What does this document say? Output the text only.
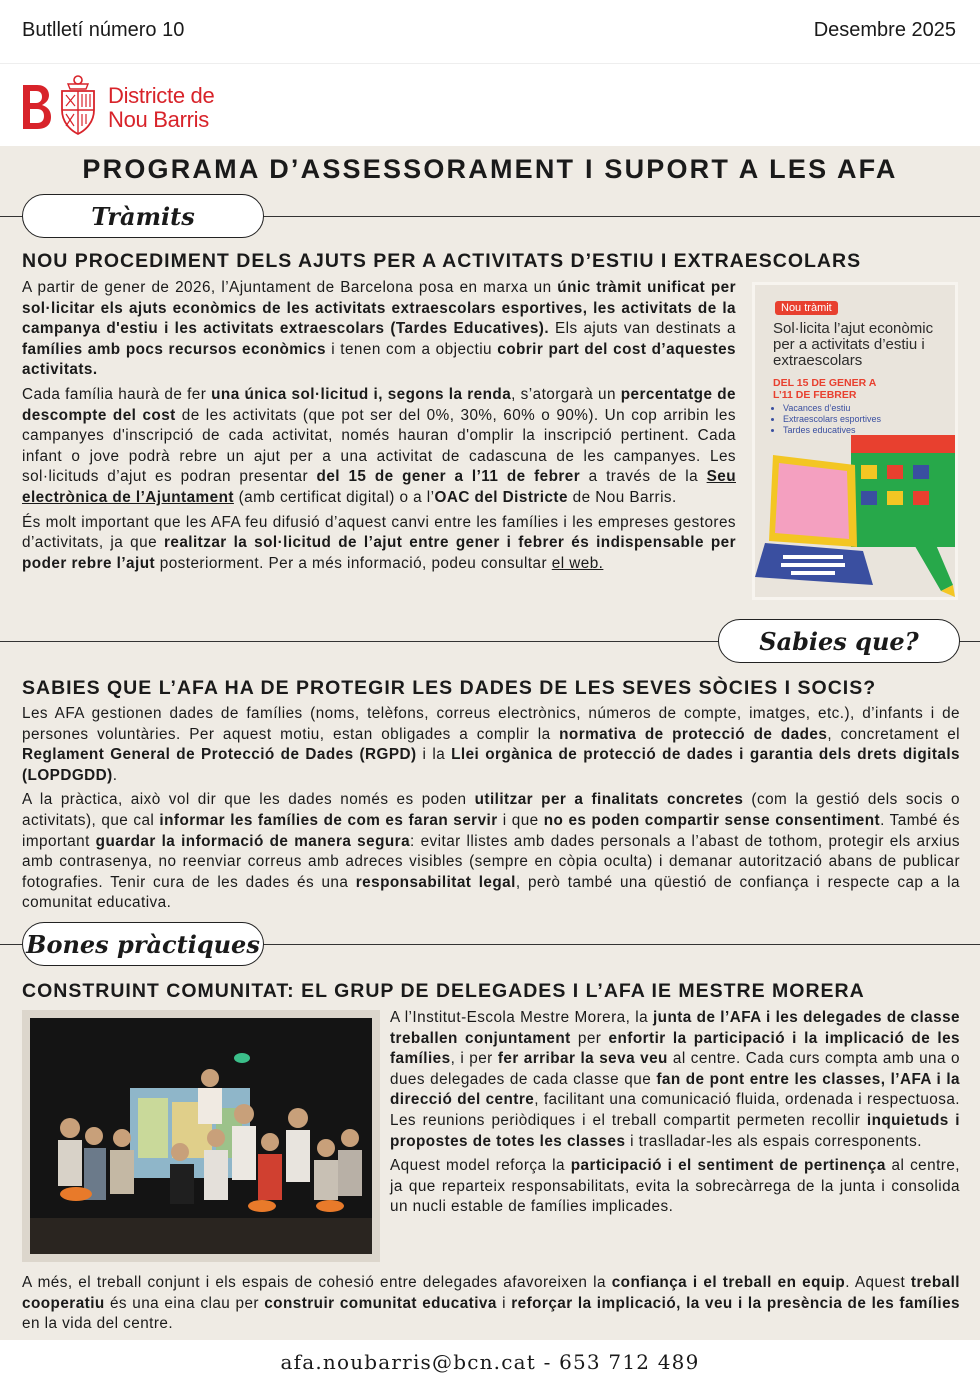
Butlletí número 10	Desembre 2025
Districte de
Nou Barris
PROGRAMA D’ASSESSORAMENT I SUPORT A LES AFA
Tràmits
NOU PROCEDIMENT DELS AJUTS PER A ACTIVITATS D’ESTIU I EXTRAESCOLARS

A partir de gener de 2026, l’Ajuntament de Barcelona posa en marxa un únic tràmit unificat per sol·licitar els ajuts econòmics de les activitats extraescolars esportives, les activitats de la campanya d'estiu i les activitats extraescolars (Tardes Educatives). Els ajuts van destinats a famílies amb pocs recursos econòmics i tenen com a objectiu cobrir part del cost d’aquestes activitats.

Cada família haurà de fer una única sol·licitud i, segons la renda, s’atorgarà un percentatge de descompte del cost de les activitats (que pot ser del 0%, 30%, 60% o 90%). Un cop arribin les campanyes d'inscripció de cada activitat, només hauran d'omplir la inscripció pertinent. Cada infant o jove podrà rebre un ajut per a una activitat de cadascuna de les campanyes. Les sol·licituds d’ajut es podran presentar del 15 de gener a l’11 de febrer a través de la Seu electrònica de l’Ajuntament (amb certificat digital) o a l’OAC del Districte de Nou Barris.

És molt important que les AFA feu difusió d’aquest canvi entre les famílies i les empreses gestores d’activitats, ja que realitzar la sol·licitud de l’ajut entre gener i febrer és indispensable per poder rebre l’ajut posteriorment. Per a més informació, podeu consultar el web.

Nou tràmit
Sol·licita l’ajut econòmic per a activitats d’estiu i extraescolars
DEL 15 DE GENER A
L’11 DE FEBRER
• Vacances d’estiu
• Extraescolars esportives
• Tardes educatives
Sabies que?
SABIES QUE L’AFA HA DE PROTEGIR LES DADES DE LES SEVES SÒCIES I SOCIS?

Les AFA gestionen dades de famílies (noms, telèfons, correus electrònics, números de compte, imatges, etc.), d’infants i de persones voluntàries. Per aquest motiu, estan obligades a complir la normativa de protecció de dades, concretament el Reglament General de Protecció de Dades (RGPD) i la Llei orgànica de protecció de dades i garantia dels drets digitals (LOPDGDD).

A la pràctica, això vol dir que les dades només es poden utilitzar per a finalitats concretes (com la gestió dels socis o activitats), que cal informar les famílies de com es faran servir i que no es poden compartir sense consentiment. També és important guardar la informació de manera segura: evitar llistes amb dades personals a l’abast de tothom, protegir els arxius amb contrasenya, no reenviar correus amb adreces visibles (sempre en còpia oculta) i demanar autorització abans de publicar fotografies. Tenir cura de les dades és una responsabilitat legal, però també una qüestió de confiança i respecte cap a la comunitat educativa.

Bones pràctiques
CONSTRUINT COMUNITAT: EL GRUP DE DELEGADES I L’AFA IE MESTRE MORERA

A l’Institut-Escola Mestre Morera, la junta de l’AFA i les delegades de classe treballen conjuntament per enfortir la participació i la implicació de les famílies, i per fer arribar la seva veu al centre. Cada curs compta amb una o dues delegades de cada classe que fan de pont entre les classes, l’AFA i la direcció del centre, facilitant una comunicació fluida, ordenada i respectuosa. Les reunions periòdiques i el treball compartit permeten recollir inquietuds i propostes de totes les classes i traslladar-les als espais corresponents.

Aquest model reforça la participació i el sentiment de pertinença al centre, ja que reparteix responsabilitats, evita la sobrecàrrega de la junta i consolida un nucli estable de famílies implicades.

A més, el treball conjunt i els espais de cohesió entre delegades afavoreixen la confiança i el treball en equip. Aquest treball cooperatiu és una eina clau per construir comunitat educativa i reforçar la implicació, la veu i la presència de les famílies en la vida del centre.

afa.noubarris@bcn.cat - 653 712 489
